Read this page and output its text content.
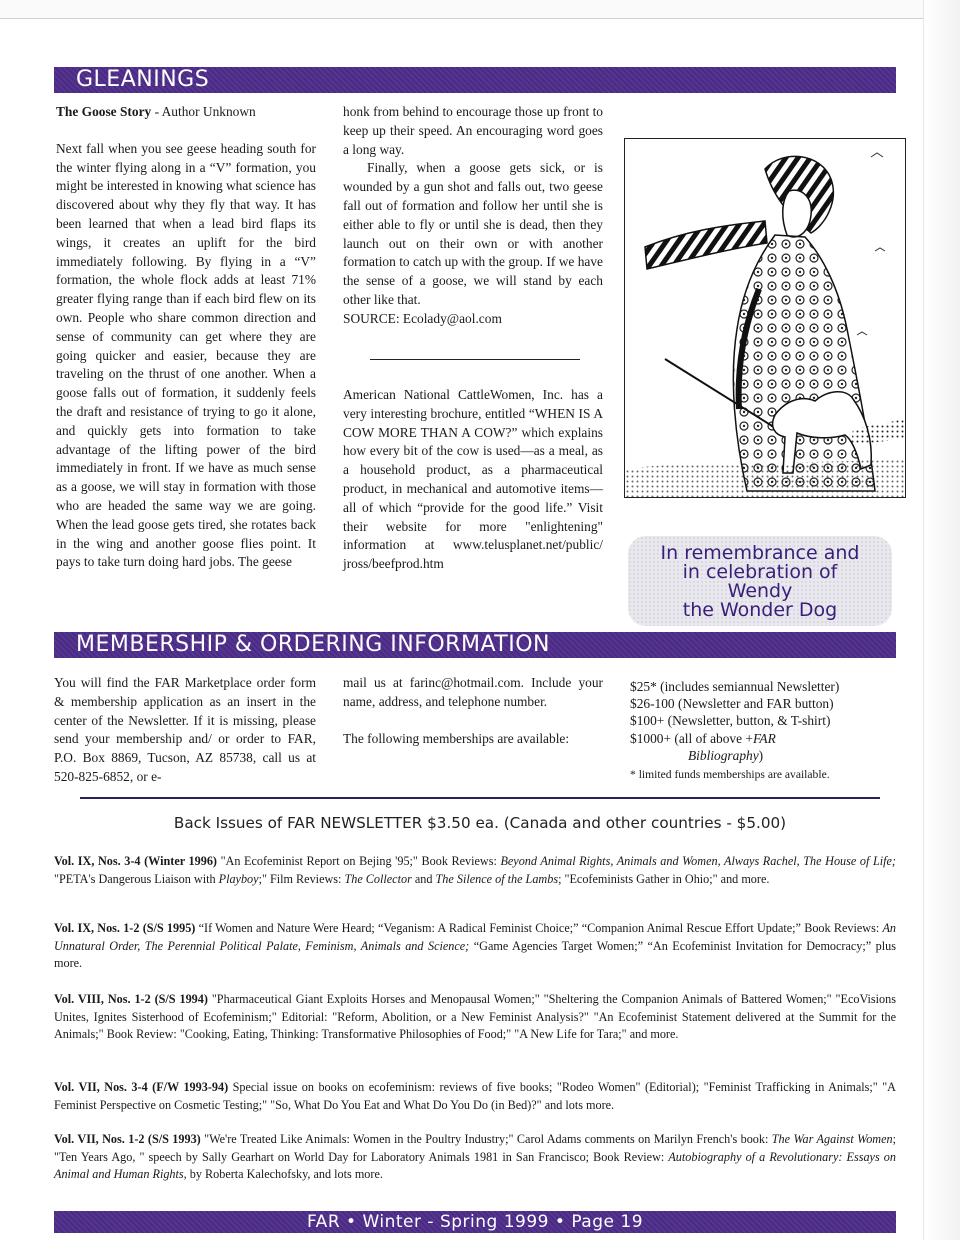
GLEANINGS

The Goose Story - Author Unknown

Next fall when you see geese heading south for the winter flying along in a “V” formation, you might be interested in knowing what science has discovered about why they fly that way. It has been learned that when a lead bird flaps its wings, it creates an uplift for the bird immediately following. By flying in a “V” formation, the whole flock adds at least 71% greater flying range than if each bird flew on its own. People who share common direction and sense of community can get where they are going quicker and easier, because they are traveling on the thrust of one another. When a goose falls out of formation, it suddenly feels the draft and resistance of trying to go it alone, and quickly gets into formation to take advantage of the lifting power of the bird immediately in front. If we have as much sense as a goose, we will stay in formation with those who are headed the same way we are going. When the lead goose gets tired, she rotates back in the wing and another goose flies point. It pays to take turn doing hard jobs. The geese

honk from behind to encourage those up front to keep up their speed. An encouraging word goes a long way.

Finally, when a goose gets sick, or is wounded by a gun shot and falls out, two geese fall out of formation and follow her until she is either able to fly or until she is dead, then they launch out on their own or with another formation to catch up with the group. If we have the sense of a goose, we will stand by each other like that.

SOURCE: Ecolady@aol.com

American National CattleWomen, Inc. has a very interesting brochure, entitled “WHEN IS A COW MORE THAN A COW?” which explains how every bit of the cow is used—as a meal, as a household product, as a pharmaceutical product, in mechanical and automotive items—all of which “provide for the good life.” Visit their website for more "enlightening" information at www.telusplanet.net/public/ jross/beefprod.htm	In remembrance and
in celebration of
Wendy
the Wonder Dog
MEMBERSHIP & ORDERING INFORMATION

You will find the FAR Marketplace order form & membership application as an insert in the center of the Newsletter. If it is missing, please send your membership and/ or order to FAR, P.O. Box 8869, Tucson, AZ 85738, call us at 520-825-6852, or e-

mail us at farinc@hotmail.com. Include your name, address, and telephone number.

The following memberships are available:

$25* (includes semiannual Newsletter)
$26-100 (Newsletter and FAR button)
$100+ (Newsletter, button, & T-shirt)
$1000+ (all of above +FAR
Bibliography)
* limited funds memberships are available.
Back Issues of FAR NEWSLETTER $3.50 ea. (Canada and other countries - $5.00)
Vol. IX, Nos. 3-4 (Winter 1996) "An Ecofeminist Report on Bejing '95;" Book Reviews: Beyond Animal Rights, Animals and Women, Always Rachel, The House of Life; "PETA's Dangerous Liaison with Playboy;" Film Reviews: The Collector and The Silence of the Lambs; "Ecofeminists Gather in Ohio;" and more.
Vol. IX, Nos. 1-2 (S/S 1995) “If Women and Nature Were Heard; “Veganism: A Radical Feminist Choice;” “Companion Animal Rescue Effort Update;” Book Reviews: An Unnatural Order, The Perennial Political Palate, Feminism, Animals and Science; “Game Agencies Target Women;” “An Ecofeminist Invitation for Democracy;” plus more.
Vol. VIII, Nos. 1-2 (S/S 1994) "Pharmaceutical Giant Exploits Horses and Menopausal Women;" "Sheltering the Companion Animals of Battered Women;" "EcoVisions Unites, Ignites Sisterhood of Ecofeminism;" Editorial: "Reform, Abolition, or a New Feminist Analysis?" "An Ecofeminist Statement delivered at the Summit for the Animals;" Book Review: "Cooking, Eating, Thinking: Transformative Philosophies of Food;" "A New Life for Tara;" and more.
Vol. VII, Nos. 3-4 (F/W 1993-94) Special issue on books on ecofeminism: reviews of five books; "Rodeo Women" (Editorial); "Feminist Trafficking in Animals;" "A Feminist Perspective on Cosmetic Testing;" "So, What Do You Eat and What Do You Do (in Bed)?" and lots more.
Vol. VII, Nos. 1-2 (S/S 1993) "We're Treated Like Animals: Women in the Poultry Industry;" Carol Adams comments on Marilyn French's book: The War Against Women; "Ten Years Ago, " speech by Sally Gearhart on World Day for Laboratory Animals 1981 in San Francisco; Book Review: Autobiography of a Revolutionary: Essays on Animal and Human Rights, by Roberta Kalechofsky, and lots more.
FAR • Winter - Spring 1999 • Page 19
